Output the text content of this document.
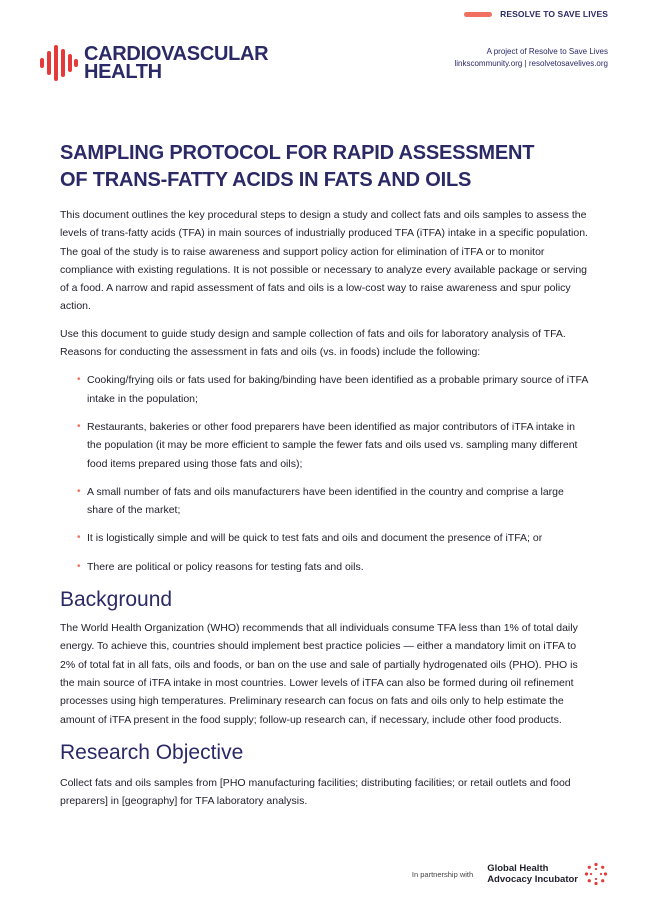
RESOLVE TO SAVE LIVES
CARDIOVASCULAR
HEALTH
A project of Resolve to Save Lives
linkscommunity.org | resolvetosavelives.org
SAMPLING PROTOCOL FOR RAPID ASSESSMENT
OF TRANS-FATTY ACIDS IN FATS AND OILS

This document outlines the key procedural steps to design a study and collect fats and oils samples to assess the levels of trans-fatty acids (TFA) in main sources of industrially produced TFA (iTFA) intake in a specific population. The goal of the study is to raise awareness and support policy action for elimination of iTFA or to monitor compliance with existing regulations. It is not possible or necessary to analyze every available package or serving of a food. A narrow and rapid assessment of fats and oils is a low-cost way to raise awareness and spur policy action.

Use this document to guide study design and sample collection of fats and oils for laboratory analysis of TFA. Reasons for conducting the assessment in fats and oils (vs. in foods) include the following:

• Cooking/frying oils or fats used for baking/binding have been identified as a probable primary source of iTFA intake in the population;
• Restaurants, bakeries or other food preparers have been identified as major contributors of iTFA intake in the population (it may be more efficient to sample the fewer fats and oils used vs. sampling many different food items prepared using those fats and oils);
• A small number of fats and oils manufacturers have been identified in the country and comprise a large share of the market;
• It is logistically simple and will be quick to test fats and oils and document the presence of iTFA; or
• There are political or policy reasons for testing fats and oils.
Background

The World Health Organization (WHO) recommends that all individuals consume TFA less than 1% of total daily energy. To achieve this, countries should implement best practice policies — either a mandatory limit on iTFA to 2% of total fat in all fats, oils and foods, or ban on the use and sale of partially hydrogenated oils (PHO). PHO is the main source of iTFA intake in most countries. Lower levels of iTFA can also be formed during oil refinement processes using high temperatures. Preliminary research can focus on fats and oils only to help estimate the amount of iTFA present in the food supply; follow-up research can, if necessary, include other food products.

Research Objective

Collect fats and oils samples from [PHO manufacturing facilities; distributing facilities; or retail outlets and food preparers] in [geography] for TFA laboratory analysis.

In partnership with Global Health
Advocacy Incubator
